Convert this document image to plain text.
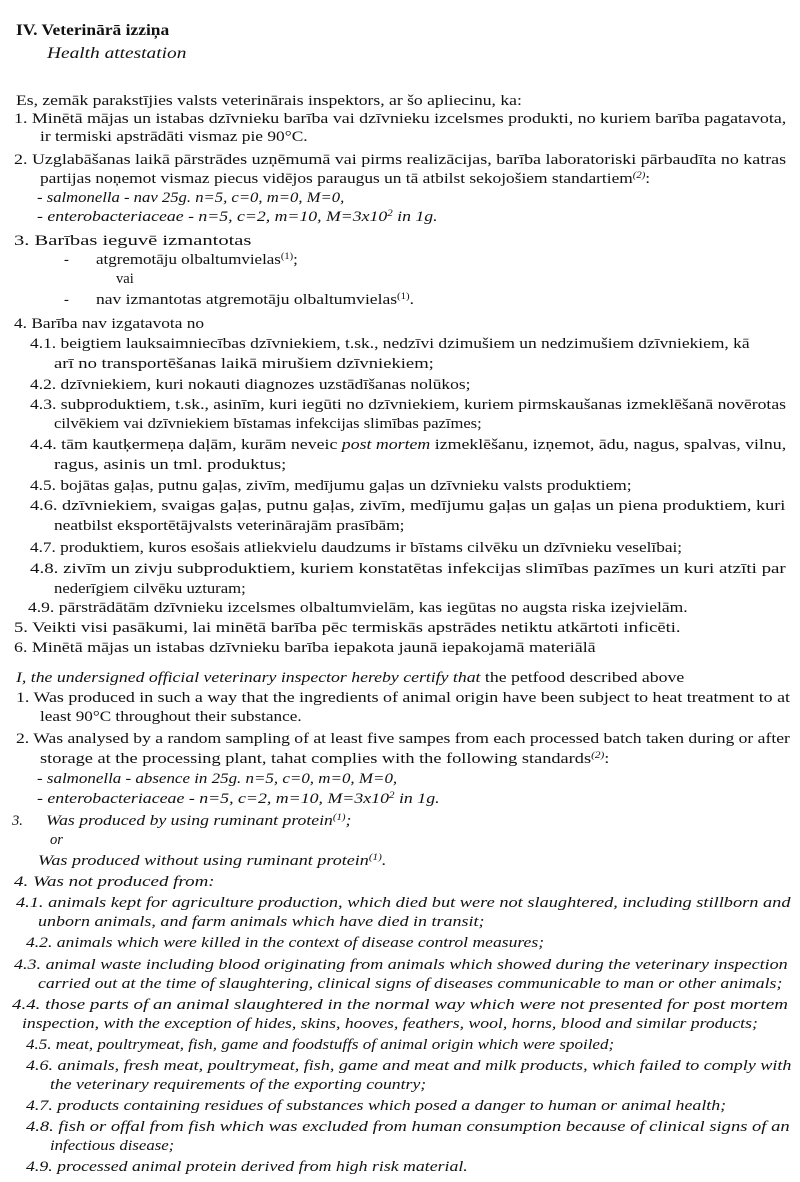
IV. Veterinārā izziņa
Health attestation
Es, zemāk parakstījies valsts veterinārais inspektors, ar šo apliecinu, ka:
1. Minētā mājas un istabas dzīvnieku barība vai dzīvnieku izcelsmes produkti, no kuriem barība pagatavota,
ir termiski apstrādāti vismaz pie 90°C.
2. Uzglabāšanas laikā pārstrādes uzņēmumā vai pirms realizācijas, barība laboratoriski pārbaudīta no katras
partijas noņemot vismaz piecus vidējos paraugus un tā atbilst sekojošiem standartiem$^{(2)}$:
- salmonella - nav 25g. n=5, c=0, m=0, M=0,
- enterobacteriaceae - n=5, c=2, m=10, $M=3x10^2$ in 1g.
3. Barības ieguvē izmantotas
- atgremotāju olbaltumvielas$^{(1)}$;
vai
- nav izmantotas atgremotāju olbaltumvielas$^{(1)}$.
4. Barība nav izgatavota no
4.1. beigtiem lauksaimniecības dzīvniekiem, t.sk., nedzīvi dzimušiem un nedzimušiem dzīvniekiem, kā
arī no transportēšanas laikā mirušiem dzīvniekiem;
4.2. dzīvniekiem, kuri nokauti diagnozes uzstādīšanas nolūkos;
4.3. subproduktiem, t.sk., asinīm, kuri iegūti no dzīvniekiem, kuriem pirmskaušanas izmeklēšanā novērotas
cilvēkiem vai dzīvniekiem bīstamas infekcijas slimības pazīmes;
4.4. tām kautķermeņa daļām, kurām neveic post mortem izmeklēšanu, izņemot, ādu, nagus, spalvas, vilnu,
ragus, asinis un tml. produktus;
4.5. bojātas gaļas, putnu gaļas, zivīm, medījumu gaļas un dzīvnieku valsts produktiem;
4.6. dzīvniekiem, svaigas gaļas, putnu gaļas, zivīm, medījumu gaļas un gaļas un piena produktiem, kuri
neatbilst eksportētājvalsts veterinārajām prasībām;
4.7. produktiem, kuros esošais atliekvielu daudzums ir bīstams cilvēku un dzīvnieku veselībai;
4.8. zivīm un zivju subproduktiem, kuriem konstatētas infekcijas slimības pazīmes un kuri atzīti par
nederīgiem cilvēku uzturam;
4.9. pārstrādātām dzīvnieku izcelsmes olbaltumvielām, kas iegūtas no augsta riska izejvielām.
5. Veikti visi pasākumi, lai minētā barība pēc termiskās apstrādes netiktu atkārtoti inficēti.
6. Minētā mājas un istabas dzīvnieku barība iepakota jaunā iepakojamā materiālā
I, the undersigned official veterinary inspector hereby certify that the petfood described above
1. Was produced in such a way that the ingredients of animal origin have been subject to heat treatment to at
least 90°C throughout their substance.
2. Was analysed by a random sampling of at least five sampes from each processed batch taken during or after
storage at the processing plant, tahat complies with the following standards$^{(2)}$:
- salmonella - absence in 25g. n=5, c=0, m=0, M=0,
- enterobacteriaceae - n=5, c=2, m=10, $M=3x10^2$ in 1g.
3. Was produced by using ruminant protein$^{(1)}$;
or
Was produced without using ruminant protein$^{(1)}$.
4. Was not produced from:
4.1. animals kept for agriculture production, which died but were not slaughtered, including stillborn and
unborn animals, and farm animals which have died in transit;
4.2. animals which were killed in the context of disease control measures;
4.3. animal waste including blood originating from animals which showed during the veterinary inspection
carried out at the time of slaughtering, clinical signs of diseases communicable to man or other animals;
4.4. those parts of an animal slaughtered in the normal way which were not presented for post mortem
inspection, with the exception of hides, skins, hooves, feathers, wool, horns, blood and similar products;
4.5. meat, poultrymeat, fish, game and foodstuffs of animal origin which were spoiled;
4.6. animals, fresh meat, poultrymeat, fish, game and meat and milk products, which failed to comply with
the veterinary requirements of the exporting country;
4.7. products containing residues of substances which posed a danger to human or animal health;
4.8. fish or offal from fish which was excluded from human consumption because of clinical signs of an
infectious disease;
4.9. processed animal protein derived from high risk material.
